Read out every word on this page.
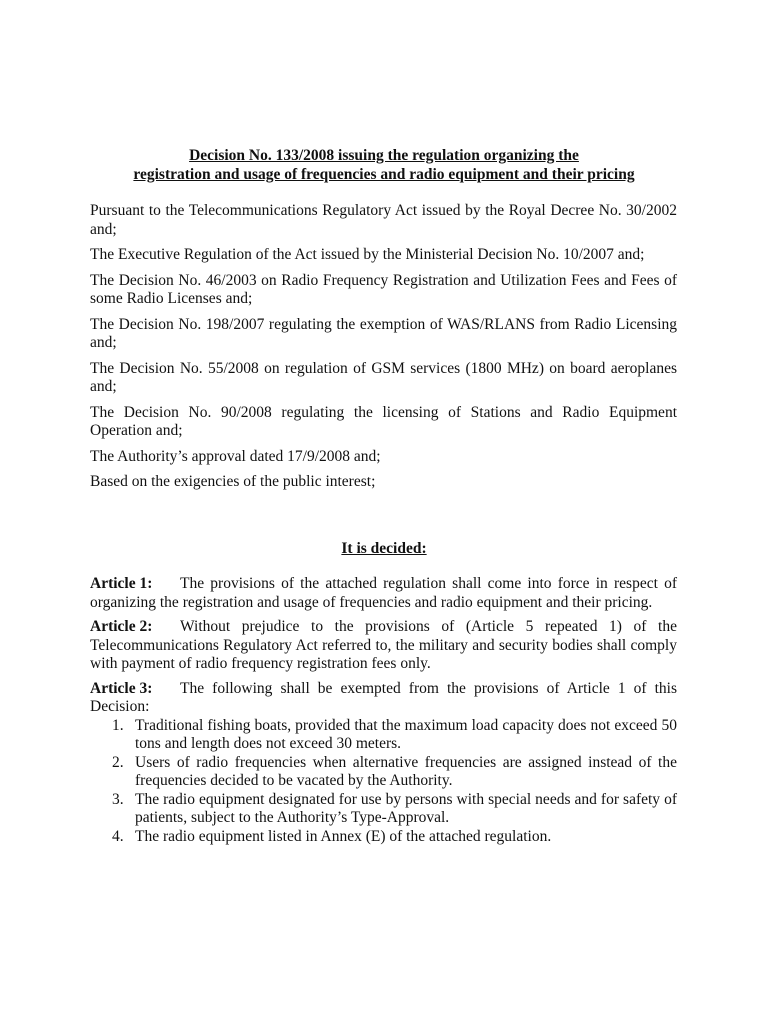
Decision No. 133/2008 issuing the regulation organizing the
registration and usage of frequencies and radio equipment and their pricing

Pursuant to the Telecommunications Regulatory Act issued by the Royal Decree No. 30/2002 and;

The Executive Regulation of the Act issued by the Ministerial Decision No. 10/2007 and;

The Decision No. 46/2003 on Radio Frequency Registration and Utilization Fees and Fees of some Radio Licenses and;

The Decision No. 198/2007 regulating the exemption of WAS/RLANS from Radio Licensing and;

The Decision No. 55/2008 on regulation of GSM services (1800 MHz) on board aeroplanes and;

The Decision No. 90/2008 regulating the licensing of Stations and Radio Equipment Operation and;

The Authority’s approval dated 17/9/2008 and;

Based on the exigencies of the public interest;

It is decided:
Article 1: The provisions of the attached regulation shall come into force in respect of organizing the registration and usage of frequencies and radio equipment and their pricing.
Article 2: Without prejudice to the provisions of (Article 5 repeated 1) of the Telecommunications Regulatory Act referred to, the military and security bodies shall comply with payment of radio frequency registration fees only.
Article 3: The following shall be exempted from the provisions of Article 1 of this Decision:
1. Traditional fishing boats, provided that the maximum load capacity does not exceed 50 tons and length does not exceed 30 meters.
2. Users of radio frequencies when alternative frequencies are assigned instead of the frequencies decided to be vacated by the Authority.
3. The radio equipment designated for use by persons with special needs and for safety of patients, subject to the Authority’s Type-Approval.
4. The radio equipment listed in Annex (E) of the attached regulation.
